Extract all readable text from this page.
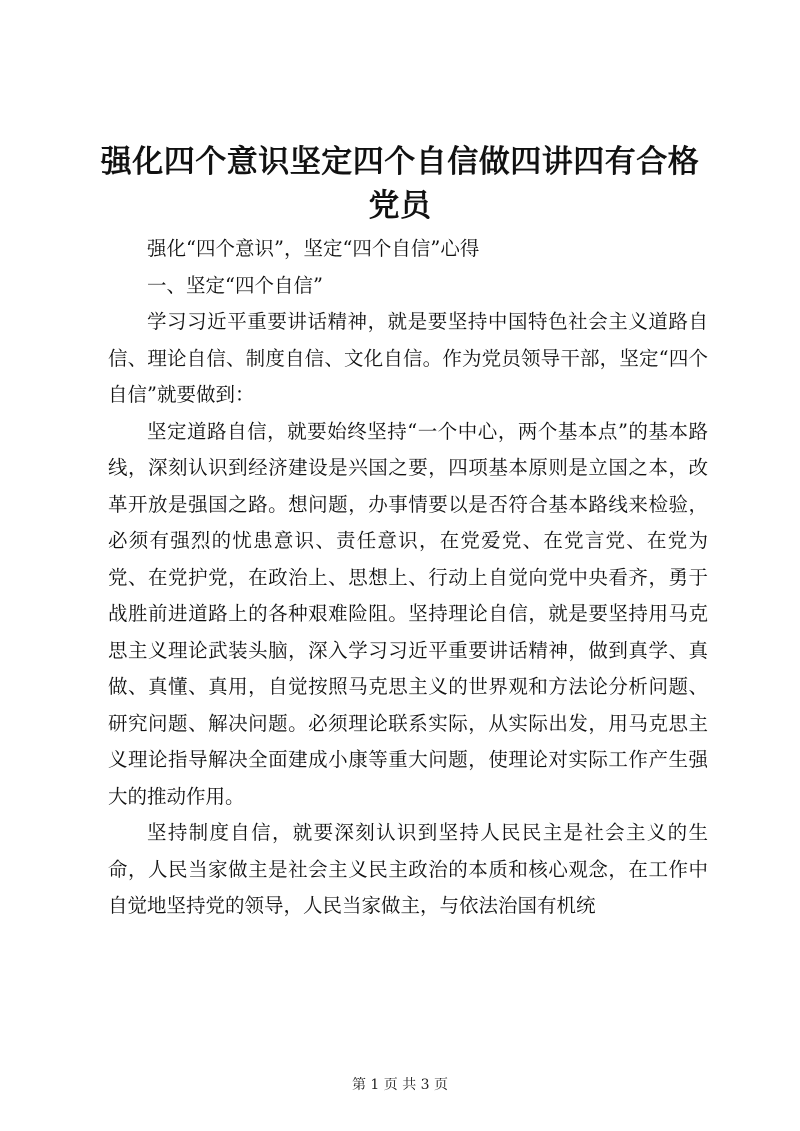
强化四个意识坚定四个自信做四讲四有合格党员

强化“四个意识”，坚定“四个自信”心得

一、坚定“四个自信”

学习习近平重要讲话精神，就是要坚持中国特色社会主义道路自信、理论自信、制度自信、文化自信。作为党员领导干部，坚定“四个自信”就要做到：

坚定道路自信，就要始终坚持“一个中心，两个基本点”的基本路线，深刻认识到经济建设是兴国之要，四项基本原则是立国之本，改革开放是强国之路。想问题，办事情要以是否符合基本路线来检验，必须有强烈的忧患意识、责任意识，在党爱党、在党言党、在党为党、在党护党，在政治上、思想上、行动上自觉向党中央看齐，勇于战胜前进道路上的各种艰难险阻。坚持理论自信，就是要坚持用马克思主义理论武装头脑，深入学习习近平重要讲话精神，做到真学、真做、真懂、真用，自觉按照马克思主义的世界观和方法论分析问题、研究问题、解决问题。必须理论联系实际，从实际出发，用马克思主义理论指导解决全面建成小康等重大问题，使理论对实际工作产生强大的推动作用。

坚持制度自信，就要深刻认识到坚持人民民主是社会主义的生命，人民当家做主是社会主义民主政治的本质和核心观念，在工作中自觉地坚持党的领导，人民当家做主，与依法治国有机统

第 1 页 共 3 页
